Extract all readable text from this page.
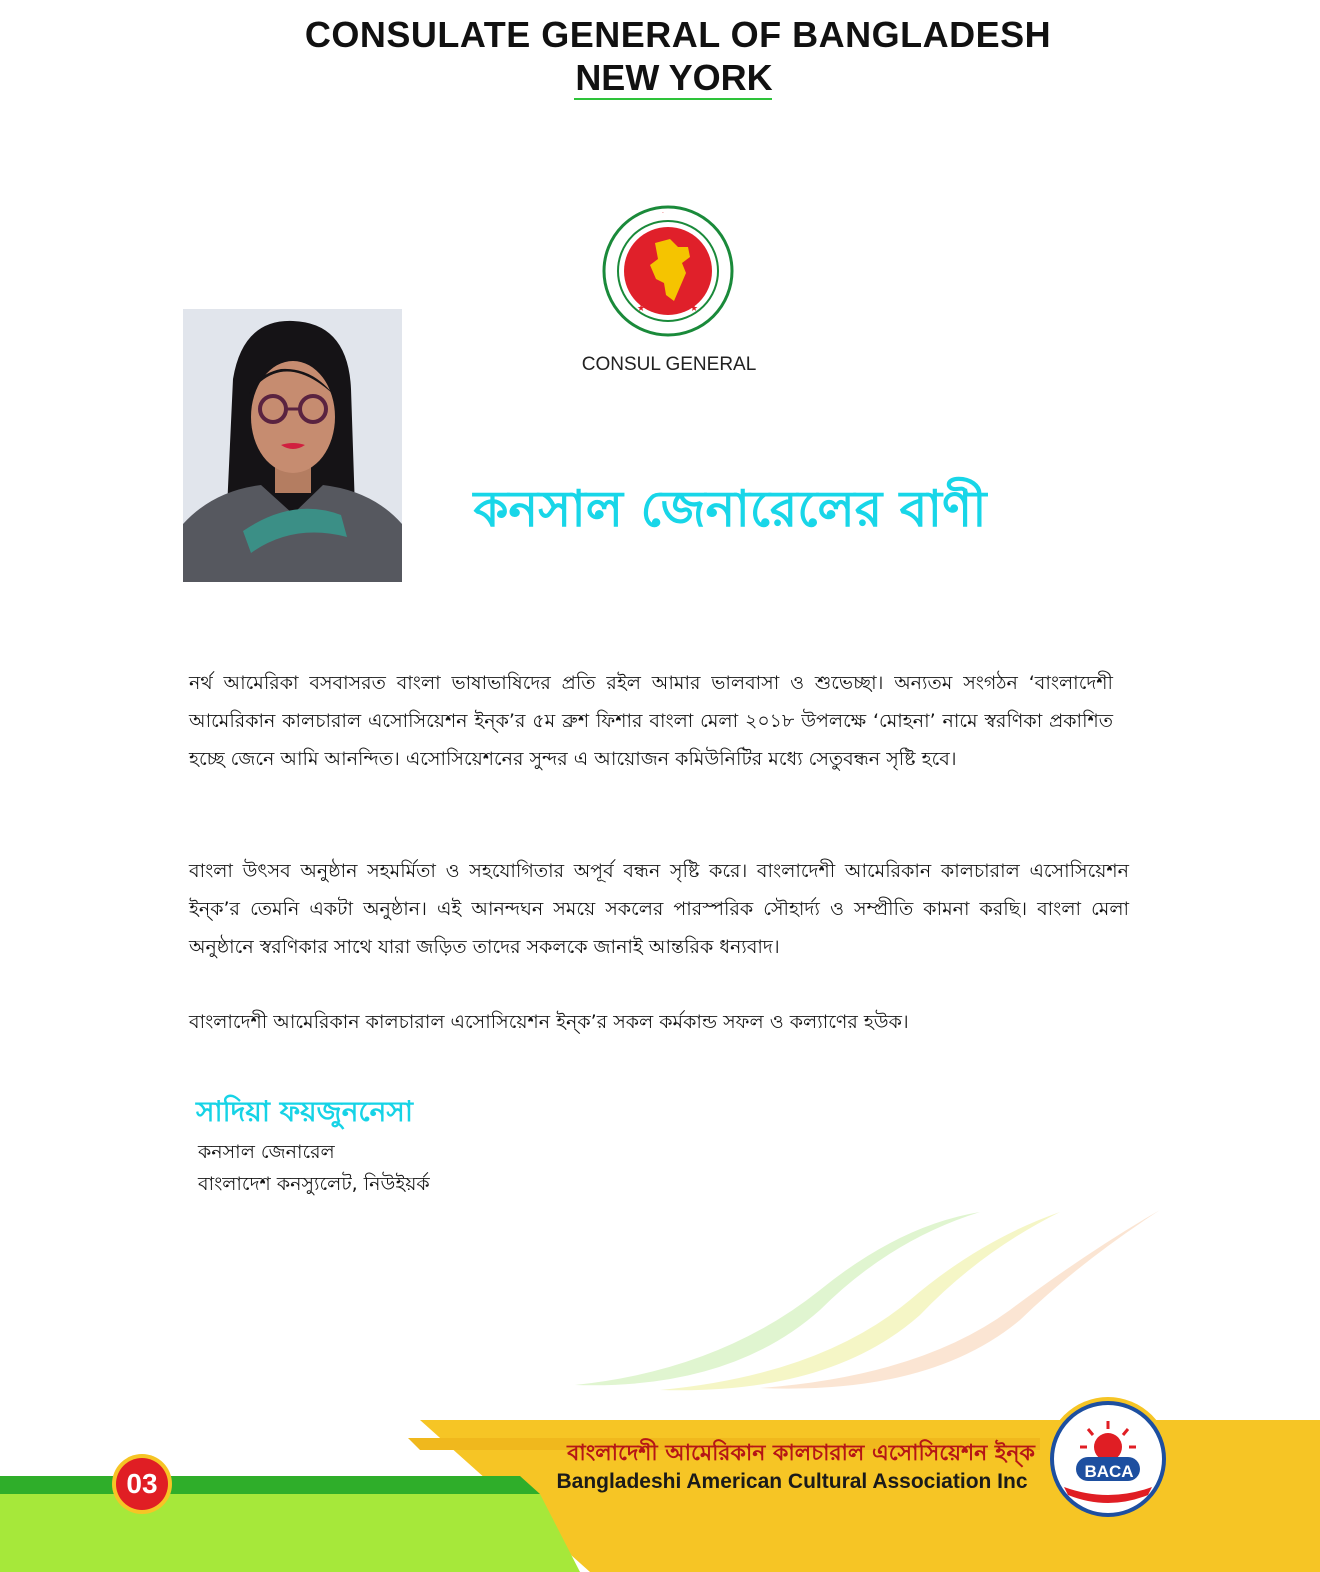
CONSULATE GENERAL OF BANGLADESH
NEW YORK
★	★
·
CONSUL GENERAL
কনসাল জেনারেলের বাণী

নর্থ আমেরিকা বসবাসরত বাংলা ভাষাভাষিদের প্রতি রইল আমার ভালবাসা ও শুভেচ্ছা। অন্যতম সংগঠন ‘বাংলাদেশী আমেরিকান কালচারাল এসোসিয়েশন ইন্‌ক’র ৫ম ব্রুশ ফিশার বাংলা মেলা ২০১৮ উপলক্ষে ‘মোহনা’ নামে স্বরণিকা প্রকাশিত হচ্ছে জেনে আমি আনন্দিত। এসোসিয়েশনের সুন্দর এ আয়োজন কমিউনিটির মধ্যে সেতুবন্ধন সৃষ্টি হবে।

বাংলা উৎসব অনুষ্ঠান সহমর্মিতা ও সহযোগিতার অপূর্ব বন্ধন সৃষ্টি করে। বাংলাদেশী আমেরিকান কালচারাল এসোসিয়েশন ইন্‌ক’র তেমনি একটা অনুষ্ঠান। এই আনন্দঘন সময়ে সকলের পারস্পরিক সৌহার্দ্য ও সম্প্রীতি কামনা করছি। বাংলা মেলা অনুষ্ঠানে স্বরণিকার সাথে যারা জড়িত তাদের সকলকে জানাই আন্তরিক ধন্যবাদ।

বাংলাদেশী আমেরিকান কালচারাল এসোসিয়েশন ইন্‌ক’র সকল কর্মকান্ড সফল ও কল্যাণের হউক।

সাদিয়া ফয়জুননেসা
কনসাল জেনারেল
বাংলাদেশ কনস্যুলেট, নিউইয়র্ক
03
বাংলাদেশী আমেরিকান কালচারাল এসোসিয়েশন ইন্‌ক
Bangladeshi American Cultural Association Inc	BACA
